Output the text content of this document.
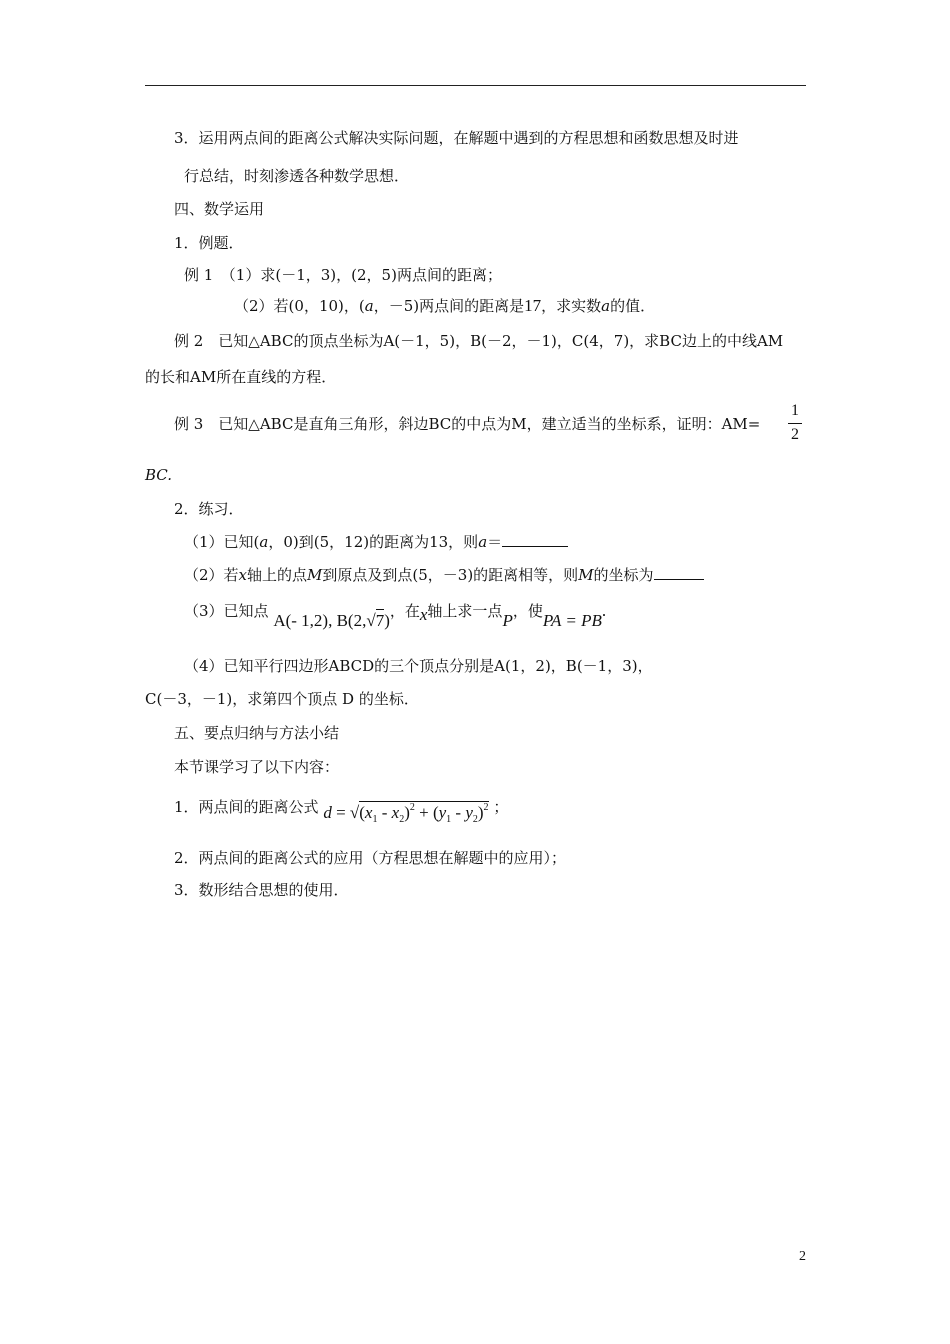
3．运用两点间的距离公式解决实际问题，在解题中遇到的方程思想和函数思想及时进
行总结，时刻渗透各种数学思想．
四、数学运用
1．例题．
例 1　（1）求(－1，3)，(2，5)两点间的距离；
（2）若(0，10)，(a，－5)两点间的距离是17，求实数a的值．
例 2　已知△ABC的顶点坐标为A(－1，5)，B(－2，－1)，C(4，7)，求BC边上的中线AM
的长和AM所在直线的方程．
例 3　已知△ABC是直角三角形，斜边BC的中点为M，建立适当的坐标系，证明：AM=
1
2
BC.
2．练习．
（1）已知(a，0)到(5，12)的距离为13，则a＝
（2）若x轴上的点M到原点及到点(5，－3)的距离相等，则M的坐标为
（3）已知点 A(- 1,2), B(2,√7)，在x轴上求一点P，使PA = PB.
（4）已知平行四边形ABCD的三个顶点分别是A(1，2)，B(－1，3)，
C(－3，－1)，求第四个顶点 D 的坐标．
五、要点归纳与方法小结
本节课学习了以下内容：
1．两点间的距离公式 $d = √(x_1 - x_2)^2 + (y_1 - y_2)^2$ ；
2．两点间的距离公式的应用（方程思想在解题中的应用）；
3．数形结合思想的使用．
2
